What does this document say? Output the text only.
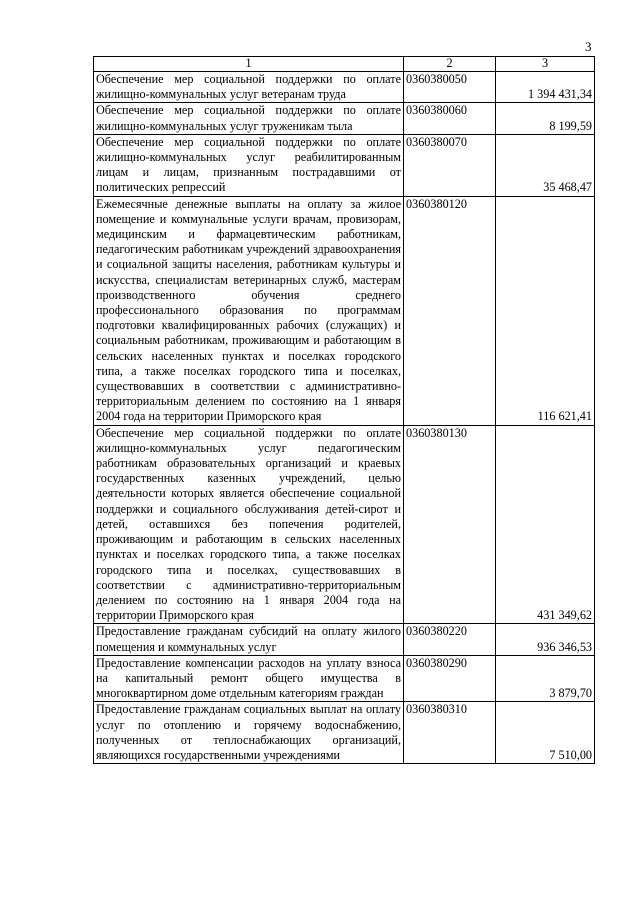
3
1	2	3
Обеспечение мер социальной поддержки по оплате жилищно-коммунальных услуг ветеранам труда	0360380050	1 394 431,34
Обеспечение мер социальной поддержки по оплате жилищно-коммунальных услуг труженикам тыла	0360380060	8 199,59
Обеспечение мер социальной поддержки по оплате жилищно-коммунальных услуг реабилитированным лицам и лицам, признанным пострадавшими от политических репрессий	0360380070	35 468,47
Ежемесячные денежные выплаты на оплату за жилое помещение и коммунальные услуги врачам, провизорам, медицинским и фармацевтическим работникам, педагогическим работникам учреждений здравоохранения и социальной защиты населения, работникам культуры и искусства, специалистам ветеринарных служб, мастерам производственного обучения среднего профессионального образования по программам подготовки квалифицированных рабочих (служащих) и социальным работникам, проживающим и работающим в сельских населенных пунктах и поселках городского типа, а также поселках городского типа и поселках, существовавших в соответствии с административно-территориальным делением по состоянию на 1 января 2004 года на территории Приморского края	0360380120	116 621,41
Обеспечение мер социальной поддержки по оплате жилищно-коммунальных услуг педагогическим работникам образовательных организаций и краевых государственных казенных учреждений, целью деятельности которых является обеспечение социальной поддержки и социального обслуживания детей-сирот и детей, оставшихся без попечения родителей, проживающим и работающим в сельских населенных пунктах и поселках городского типа, а также поселках городского типа и поселках, существовавших в соответствии с административно-территориальным делением по состоянию на 1 января 2004 года на территории Приморского края	0360380130	431 349,62
Предоставление гражданам субсидий на оплату жилого помещения и коммунальных услуг	0360380220	936 346,53
Предоставление компенсации расходов на уплату взноса на капитальный ремонт общего имущества в многоквартирном доме отдельным категориям граждан	0360380290	3 879,70
Предоставление гражданам социальных выплат на оплату услуг по отоплению и горячему водоснабжению, полученных от теплоснабжающих организаций, являющихся государственными учреждениями	0360380310	7 510,00
